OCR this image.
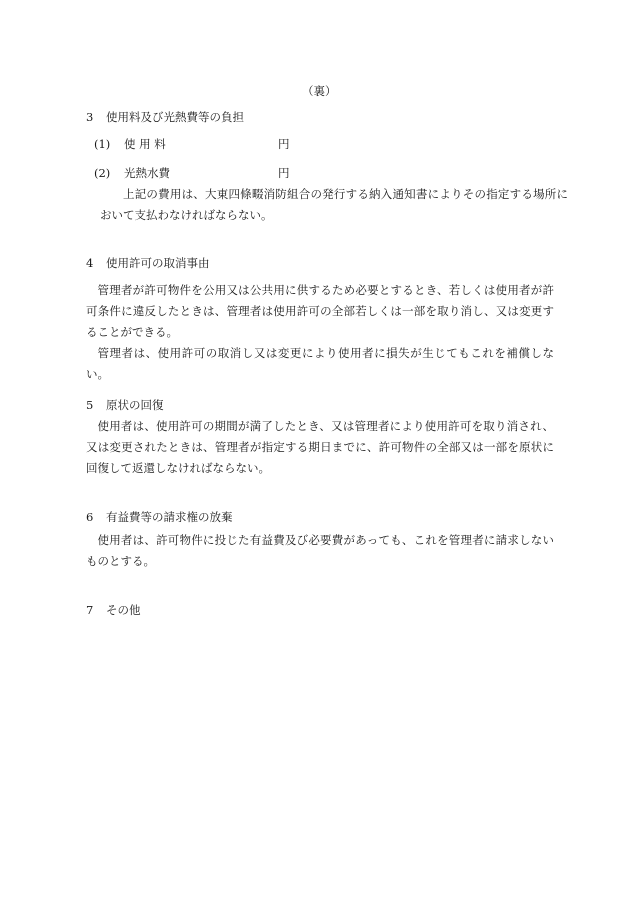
（裏）
3 使用料及び光熱費等の負担
(1) 使 用 料	円
(2) 光熱水費	円
上記の費用は、大東四條畷消防組合の発行する納入通知書によりその指定する場所において支払わなければならない。
4 使用許可の取消事由
管理者が許可物件を公用又は公共用に供するため必要とするとき、若しくは使用者が許可条件に違反したときは、管理者は使用許可の全部若しくは一部を取り消し、又は変更することができる。
管理者は、使用許可の取消し又は変更により使用者に損失が生じてもこれを補償しない。
5 原状の回復
使用者は、使用許可の期間が満了したとき、又は管理者により使用許可を取り消され、又は変更されたときは、管理者が指定する期日までに、許可物件の全部又は一部を原状に回復して返還しなければならない。
6 有益費等の請求権の放棄
使用者は、許可物件に投じた有益費及び必要費があっても、これを管理者に請求しないものとする。
7 その他
